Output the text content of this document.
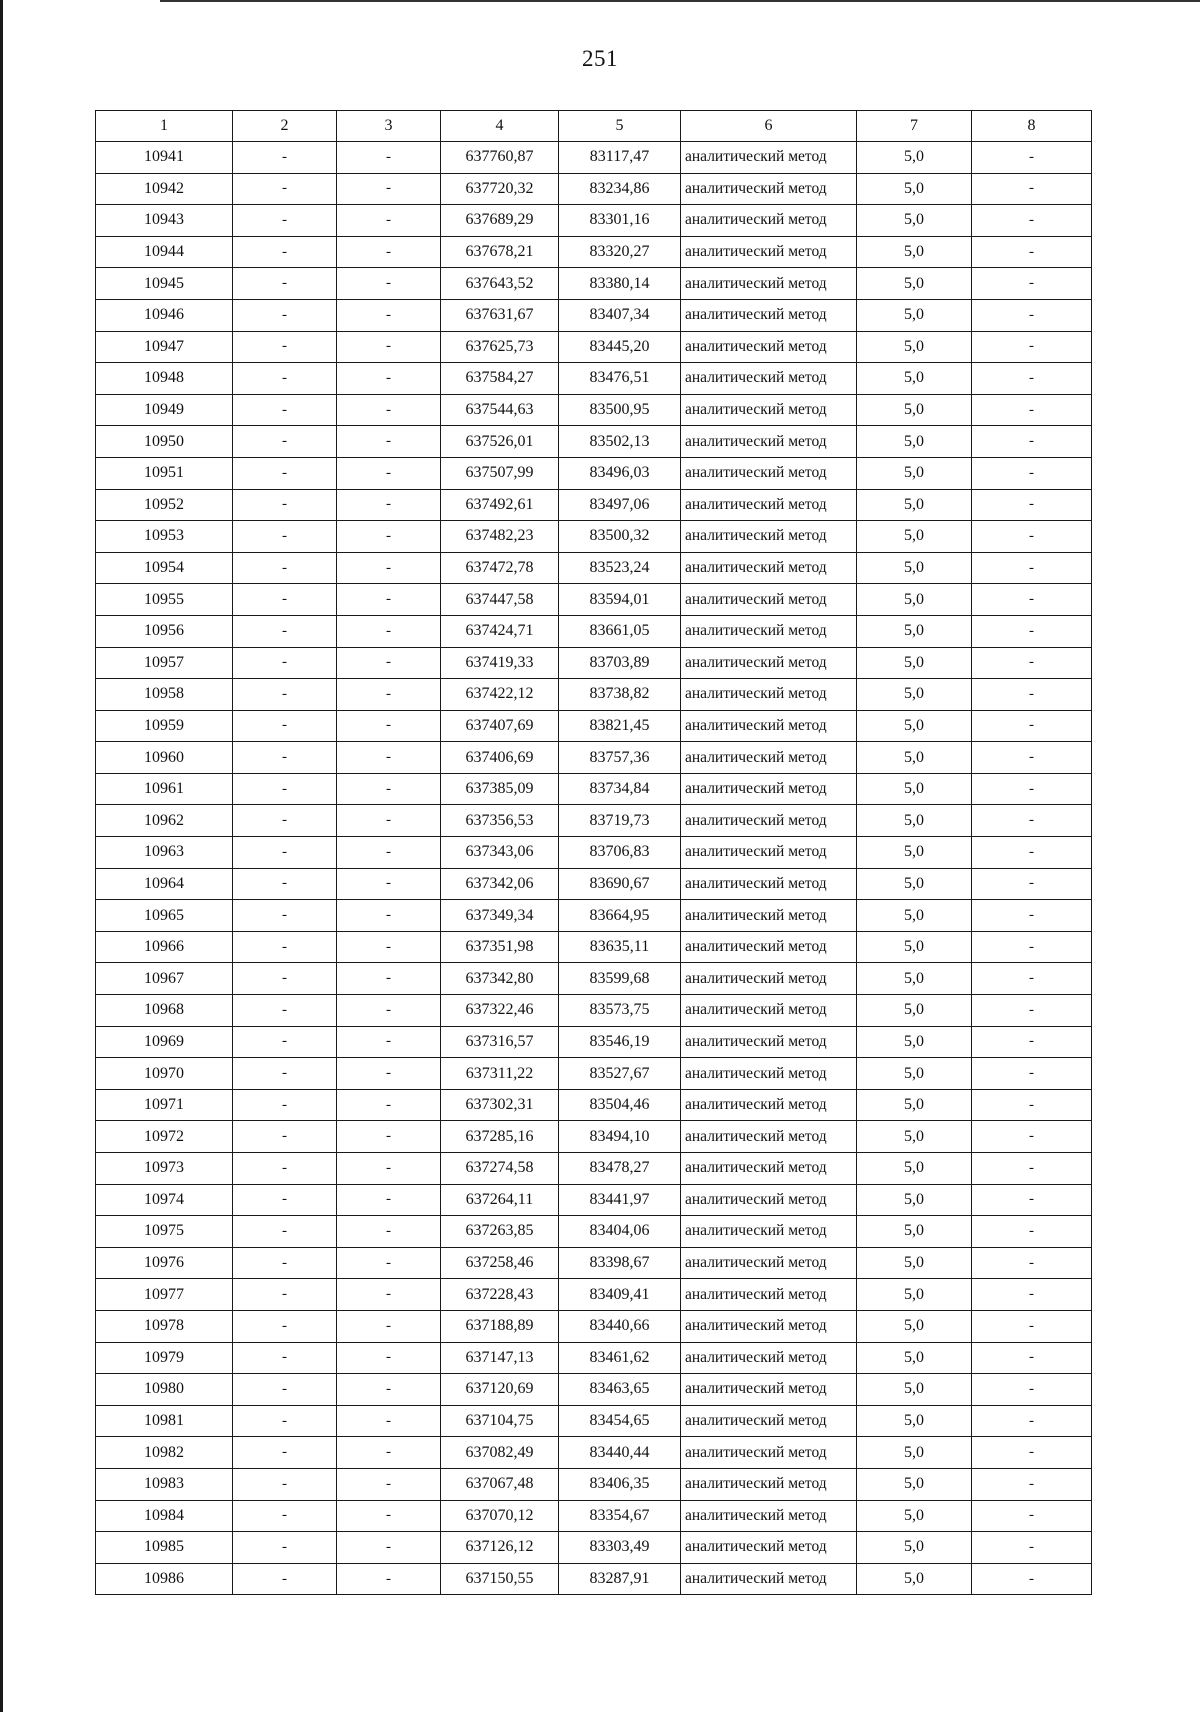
251
1	2	3	4	5	6	7	8
10941	-	-	637760,87	83117,47	аналитический метод	5,0	-
10942	-	-	637720,32	83234,86	аналитический метод	5,0	-
10943	-	-	637689,29	83301,16	аналитический метод	5,0	-
10944	-	-	637678,21	83320,27	аналитический метод	5,0	-
10945	-	-	637643,52	83380,14	аналитический метод	5,0	-
10946	-	-	637631,67	83407,34	аналитический метод	5,0	-
10947	-	-	637625,73	83445,20	аналитический метод	5,0	-
10948	-	-	637584,27	83476,51	аналитический метод	5,0	-
10949	-	-	637544,63	83500,95	аналитический метод	5,0	-
10950	-	-	637526,01	83502,13	аналитический метод	5,0	-
10951	-	-	637507,99	83496,03	аналитический метод	5,0	-
10952	-	-	637492,61	83497,06	аналитический метод	5,0	-
10953	-	-	637482,23	83500,32	аналитический метод	5,0	-
10954	-	-	637472,78	83523,24	аналитический метод	5,0	-
10955	-	-	637447,58	83594,01	аналитический метод	5,0	-
10956	-	-	637424,71	83661,05	аналитический метод	5,0	-
10957	-	-	637419,33	83703,89	аналитический метод	5,0	-
10958	-	-	637422,12	83738,82	аналитический метод	5,0	-
10959	-	-	637407,69	83821,45	аналитический метод	5,0	-
10960	-	-	637406,69	83757,36	аналитический метод	5,0	-
10961	-	-	637385,09	83734,84	аналитический метод	5,0	-
10962	-	-	637356,53	83719,73	аналитический метод	5,0	-
10963	-	-	637343,06	83706,83	аналитический метод	5,0	-
10964	-	-	637342,06	83690,67	аналитический метод	5,0	-
10965	-	-	637349,34	83664,95	аналитический метод	5,0	-
10966	-	-	637351,98	83635,11	аналитический метод	5,0	-
10967	-	-	637342,80	83599,68	аналитический метод	5,0	-
10968	-	-	637322,46	83573,75	аналитический метод	5,0	-
10969	-	-	637316,57	83546,19	аналитический метод	5,0	-
10970	-	-	637311,22	83527,67	аналитический метод	5,0	-
10971	-	-	637302,31	83504,46	аналитический метод	5,0	-
10972	-	-	637285,16	83494,10	аналитический метод	5,0	-
10973	-	-	637274,58	83478,27	аналитический метод	5,0	-
10974	-	-	637264,11	83441,97	аналитический метод	5,0	-
10975	-	-	637263,85	83404,06	аналитический метод	5,0	-
10976	-	-	637258,46	83398,67	аналитический метод	5,0	-
10977	-	-	637228,43	83409,41	аналитический метод	5,0	-
10978	-	-	637188,89	83440,66	аналитический метод	5,0	-
10979	-	-	637147,13	83461,62	аналитический метод	5,0	-
10980	-	-	637120,69	83463,65	аналитический метод	5,0	-
10981	-	-	637104,75	83454,65	аналитический метод	5,0	-
10982	-	-	637082,49	83440,44	аналитический метод	5,0	-
10983	-	-	637067,48	83406,35	аналитический метод	5,0	-
10984	-	-	637070,12	83354,67	аналитический метод	5,0	-
10985	-	-	637126,12	83303,49	аналитический метод	5,0	-
10986	-	-	637150,55	83287,91	аналитический метод	5,0	-
